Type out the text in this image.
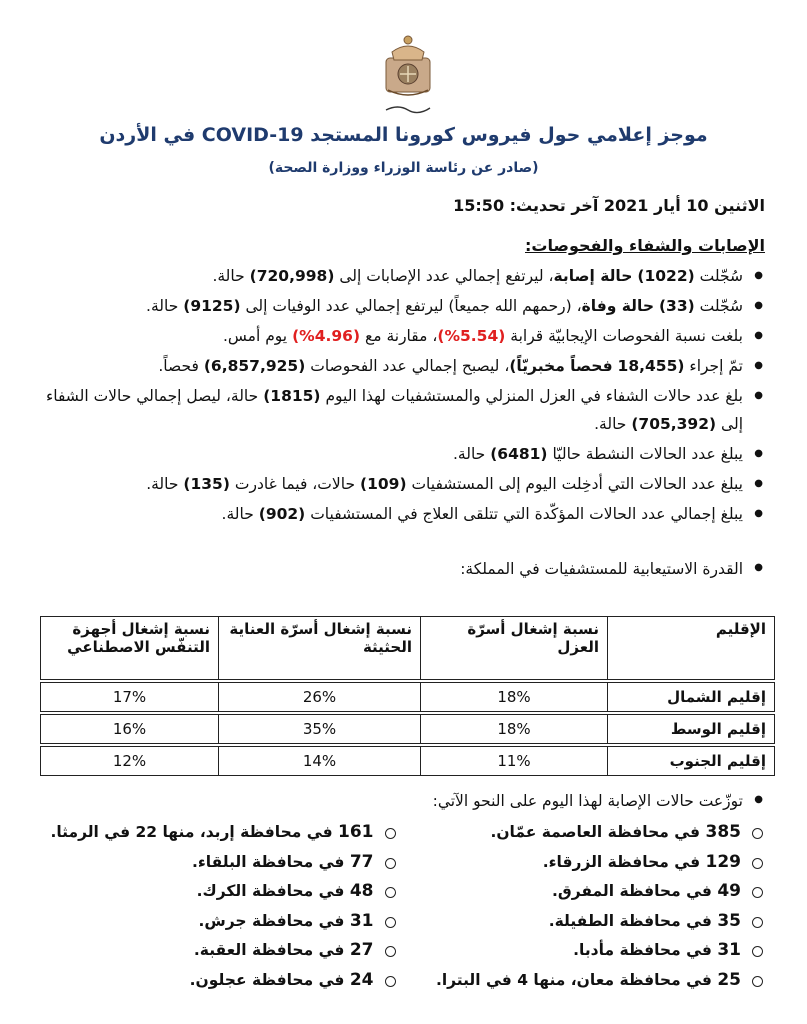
موجز إعلامي حول فيروس كورونا المستجد COVID-19 في الأردن
(صادر عن رئاسة الوزراء ووزارة الصحة)
الاثنين 10 أيار 2021 آخر تحديث: 15:50
الإصابات والشفاء والفحوصات:
● سُجّلت (1022) حالة إصابة، ليرتفع إجمالي عدد الإصابات إلى (720,998) حالة.
● سُجّلت (33) حالة وفاة، (رحمهم الله جميعاً) ليرتفع إجمالي عدد الوفيات إلى (9125) حالة.
● بلغت نسبة الفحوصات الإيجابيّة قرابة (5.54%)، مقارنة مع (4.96%) يوم أمس.
● تمّ إجراء (18,455 فحصاً مخبريّاً)، ليصبح إجمالي عدد الفحوصات (6,857,925) فحصاً.
● بلغ عدد حالات الشفاء في العزل المنزلي والمستشفيات لهذا اليوم (1815) حالة، ليصل إجمالي حالات الشفاء إلى (705,392) حالة.
● يبلغ عدد الحالات النشطة حاليّا (6481) حالة.
● يبلغ عدد الحالات التي أدخِلت اليوم إلى المستشفيات (109) حالات، فيما غادرت (135) حالة.
● يبلغ إجمالي عدد الحالات المؤكّدة التي تتلقى العلاج في المستشفيات (902) حالة.
● القدرة الاستيعابية للمستشفيات في المملكة:
الإقليم	نسبة إشغال أسرّة العزل	نسبة إشغال أسرّة العناية الحثيثة	نسبة إشغال أجهزة التنفّس الاصطناعي

إقليم الشمال	18%	26%	17%

إقليم الوسط	18%	35%	16%

إقليم الجنوب	11%	14%	12%
● توزّعت حالات الإصابة لهذا اليوم على النحو الآتي:
385 في محافظة العاصمة عمّان.
161 في محافظة إربد، منها 22 في الرمثا.
129 في محافظة الزرقاء.
77 في محافظة البلقاء.
49 في محافظة المفرق.
48 في محافظة الكرك.
35 في محافظة الطفيلة.
31 في محافظة جرش.
31 في محافظة مأدبا.
27 في محافظة العقبة.
25 في محافظة معان، منها 4 في البترا.
24 في محافظة عجلون.
